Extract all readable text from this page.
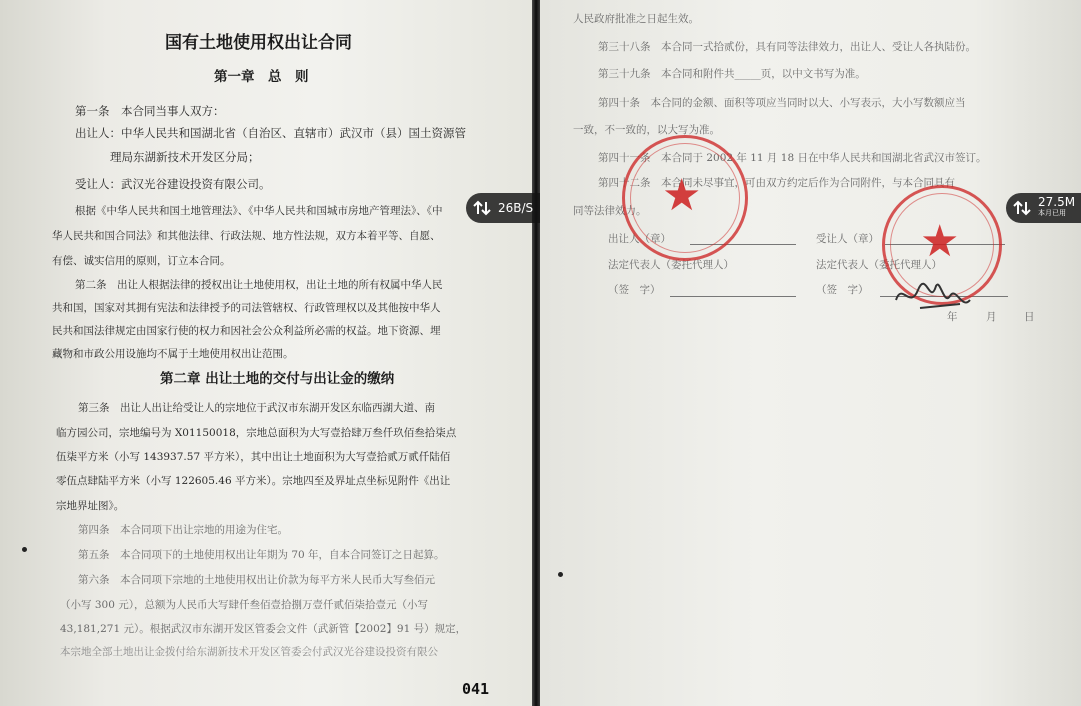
国有土地使用权出让合同
第一章　总　则
第一条　本合同当事人双方：
出让人：中华人民共和国湖北省（自治区、直辖市）武汉市（县）国土资源管
理局东湖新技术开发区分局；
受让人：武汉光谷建设投资有限公司。
根据《中华人民共和国土地管理法》、《中华人民共和国城市房地产管理法》、《中
华人民共和国合同法》和其他法律、行政法规、地方性法规，双方本着平等、自愿、
有偿、诚实信用的原则，订立本合同。
第二条　出让人根据法律的授权出让土地使用权，出让土地的所有权属中华人民
共和国，国家对其拥有宪法和法律授予的司法管辖权、行政管理权以及其他按中华人
民共和国法律规定由国家行使的权力和因社会公众利益所必需的权益。地下资源、埋
藏物和市政公用设施均不属于土地使用权出让范围。
第二章 出让土地的交付与出让金的缴纳
第三条　出让人出让给受让人的宗地位于武汉市东湖开发区东临西湖大道、南
临方园公司，宗地编号为 X01150018，宗地总面积为大写壹拾肆万叁仟玖佰叁拾柒点
伍柒平方米（小写 143937.57 平方米），其中出让土地面积为大写壹拾贰万贰仟陆佰
零伍点肆陆平方米（小写 122605.46 平方米）。宗地四至及界址点坐标见附件《出让
宗地界址图》。
第四条　本合同项下出让宗地的用途为住宅。
第五条　本合同项下的土地使用权出让年期为 70 年，自本合同签订之日起算。
第六条　本合同项下宗地的土地使用权出让价款为每平方米人民币大写叁佰元
（小写 300 元），总额为人民币大写肆仟叁佰壹拾捌万壹仟贰佰柒拾壹元（小写
43,181,271 元）。根据武汉市东湖开发区管委会文件（武新管【2002】91 号）规定，
本宗地全部土地出让金拨付给东湖新技术开发区管委会付武汉光谷建设投资有限公
041
人民政府批准之日起生效。
第三十八条　本合同一式拾贰份，具有同等法律效力，出让人、受让人各执陆份。
第三十九条　本合同和附件共_____页，以中文书写为准。
第四十条　本合同的金额、面积等项应当同时以大、小写表示，大小写数额应当
一致，不一致的，以大写为准。
第四十一条　本合同于 2002 年 11 月 18 日在中华人民共和国湖北省武汉市签订。
第四十二条　本合同未尽事宜，可由双方约定后作为合同附件，与本合同具有
同等法律效力。
出让人（章）	受让人（章）
法定代表人（委托代理人）	法定代表人（委托代理人）
（签　字）	（签　字）
年	月	日
★
★
26B/S	27.5M
本月已用
